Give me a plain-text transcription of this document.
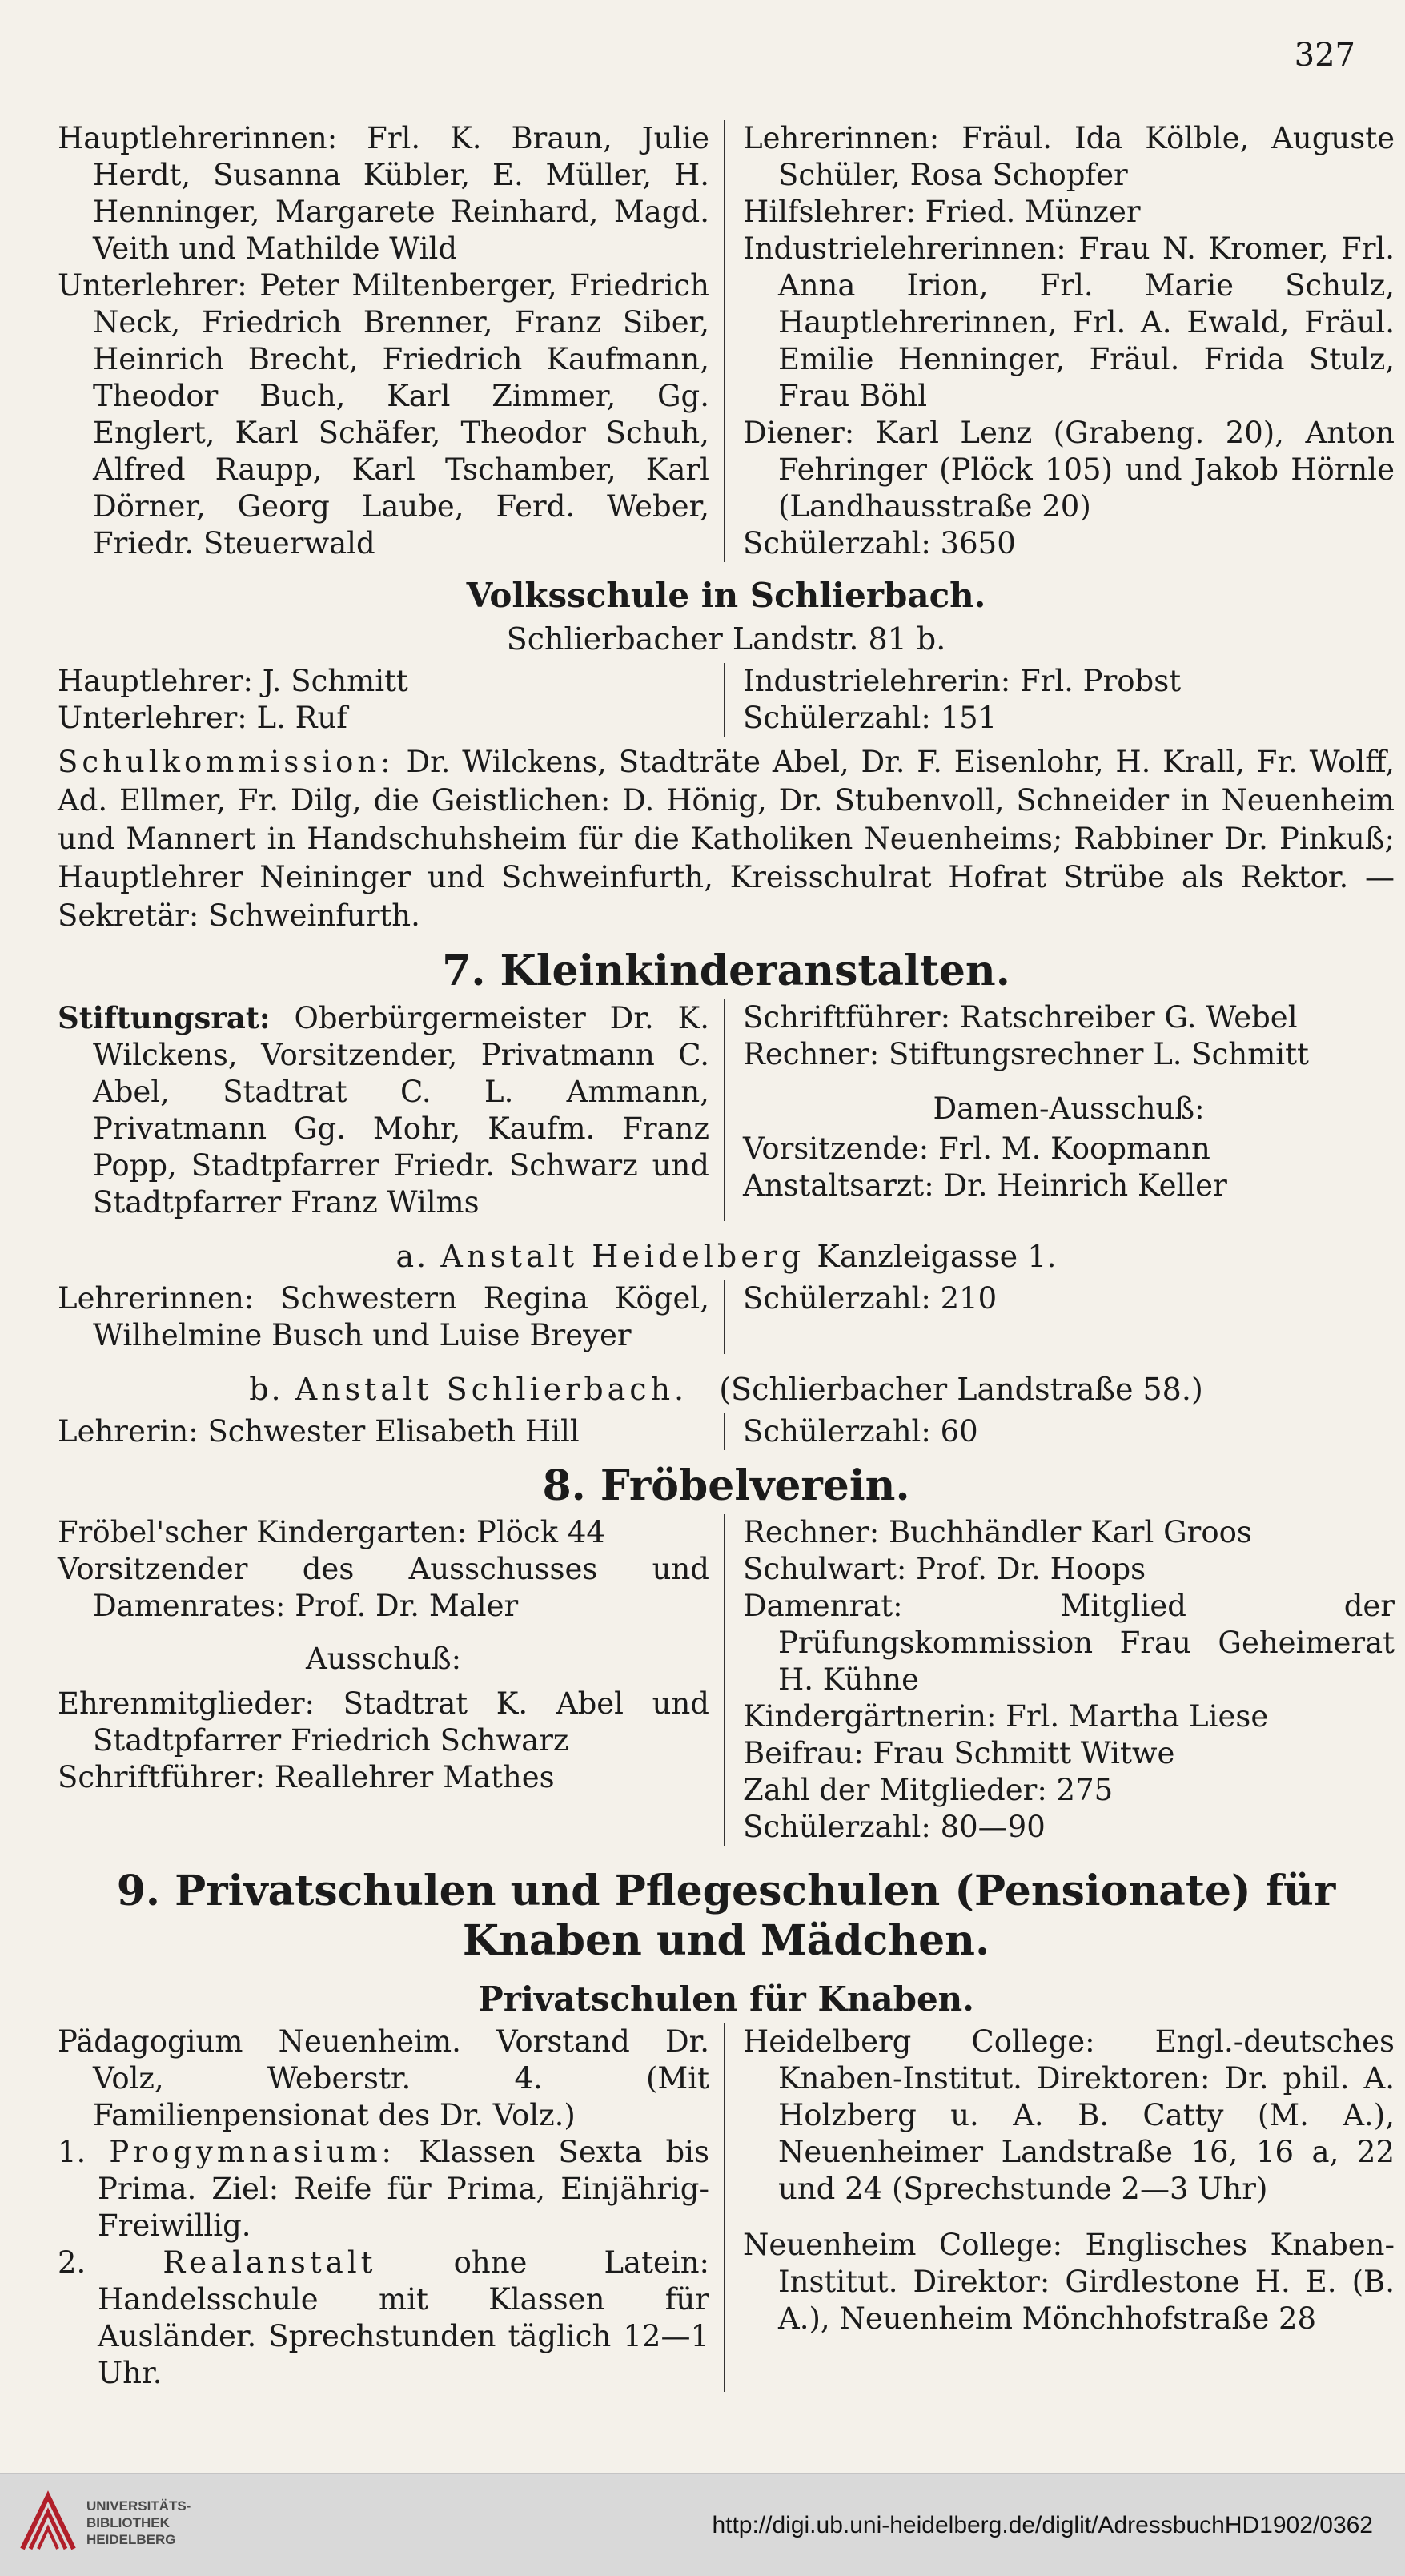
327

Hauptlehrerinnen: Frl. K. Braun, Julie Herdt, Susanna Kübler, E. Müller, H. Henninger, Margarete Reinhard, Magd. Veith und Mathilde Wild

Unterlehrer: Peter Miltenberger, Friedrich Neck, Friedrich Brenner, Franz Siber, Heinrich Brecht, Friedrich Kaufmann, Theodor Buch, Karl Zimmer, Gg. Englert, Karl Schäfer, Theodor Schuh, Alfred Raupp, Karl Tschamber, Karl Dörner, Georg Laube, Ferd. Weber, Friedr. Steuerwald

Lehrerinnen: Fräul. Ida Kölble, Auguste Schüler, Rosa Schopfer

Hilfslehrer: Fried. Münzer

Industrielehrerinnen: Frau N. Kromer, Frl. Anna Irion, Frl. Marie Schulz, Hauptlehrerinnen, Frl. A. Ewald, Fräul. Emilie Henninger, Fräul. Frida Stulz, Frau Böhl

Diener: Karl Lenz (Grabeng. 20), Anton Fehringer (Plöck 105) und Jakob Hörnle (Landhausstraße 20)

Schülerzahl: 3650

Volksschule in Schlierbach.
Schlierbacher Landstr. 81 b.

Hauptlehrer: J. Schmitt

Unterlehrer: L. Ruf

Industrielehrerin: Frl. Probst

Schülerzahl: 151

Schulkommission: Dr. Wilckens, Stadträte Abel, Dr. F. Eisenlohr, H. Krall, Fr. Wolff, Ad. Ellmer, Fr. Dilg, die Geistlichen: D. Hönig, Dr. Stubenvoll, Schneider in Neuenheim und Mannert in Handschuhsheim für die Katholiken Neuenheims; Rabbiner Dr. Pinkuß; Hauptlehrer Neininger und Schweinfurth, Kreisschulrat Hofrat Strübe als Rektor. — Sekretär: Schweinfurth.

7. Kleinkinderanstalten.

Stiftungsrat: Oberbürgermeister Dr. K. Wilckens, Vorsitzender, Privatmann C. Abel, Stadtrat C. L. Ammann, Privatmann Gg. Mohr, Kaufm. Franz Popp, Stadtpfarrer Friedr. Schwarz und Stadtpfarrer Franz Wilms

Schriftführer: Ratschreiber G. Webel

Rechner: Stiftungsrechner L. Schmitt

Damen-Ausschuß:

Vorsitzende: Frl. M. Koopmann

Anstaltsarzt: Dr. Heinrich Keller

a. Anstalt Heidelberg Kanzleigasse 1.

Lehrerinnen: Schwestern Regina Kögel, Wilhelmine Busch und Luise Breyer

Schülerzahl: 210

b. Anstalt Schlierbach. (Schlierbacher Landstraße 58.)

Lehrerin: Schwester Elisabeth Hill	Schülerzahl: 60

8. Fröbelverein.

Fröbel'scher Kindergarten: Plöck 44

Vorsitzender des Ausschusses und Damenrates: Prof. Dr. Maler

Ausschuß:

Ehrenmitglieder: Stadtrat K. Abel und Stadtpfarrer Friedrich Schwarz

Schriftführer: Reallehrer Mathes

Rechner: Buchhändler Karl Groos

Schulwart: Prof. Dr. Hoops

Damenrat: Mitglied der Prüfungskommission Frau Geheimerat H. Kühne

Kindergärtnerin: Frl. Martha Liese

Beifrau: Frau Schmitt Witwe

Zahl der Mitglieder: 275

Schülerzahl: 80—90

9. Privatschulen und Pflegeschulen (Pensionate) für Knaben und Mädchen.
Privatschulen für Knaben.

Pädagogium Neuenheim. Vorstand Dr. Volz, Weberstr. 4. (Mit Familienpensionat des Dr. Volz.)

1. Progymnasium: Klassen Sexta bis Prima. Ziel: Reife für Prima, Einjährig-Freiwillig.

2.	Realanstalt	ohne Latein: Handelsschule mit Klassen für Ausländer. Sprechstunden täglich 12—1 Uhr.

Heidelberg College: Engl.-deutsches Knaben-Institut. Direktoren: Dr. phil. A. Holzberg u. A. B. Catty (M. A.), Neuenheimer Landstraße 16, 16 a, 22 und 24 (Sprechstunde 2—3 Uhr)

Neuenheim College: Englisches Knaben-Institut. Direktor: Girdlestone H. E. (B. A.), Neuenheim Mönchhofstraße 28

UNIVERSITÄTS-
BIBLIOTHEK
HEIDELBERG
http://digi.ub.uni-heidelberg.de/diglit/AdressbuchHD1902/0362
